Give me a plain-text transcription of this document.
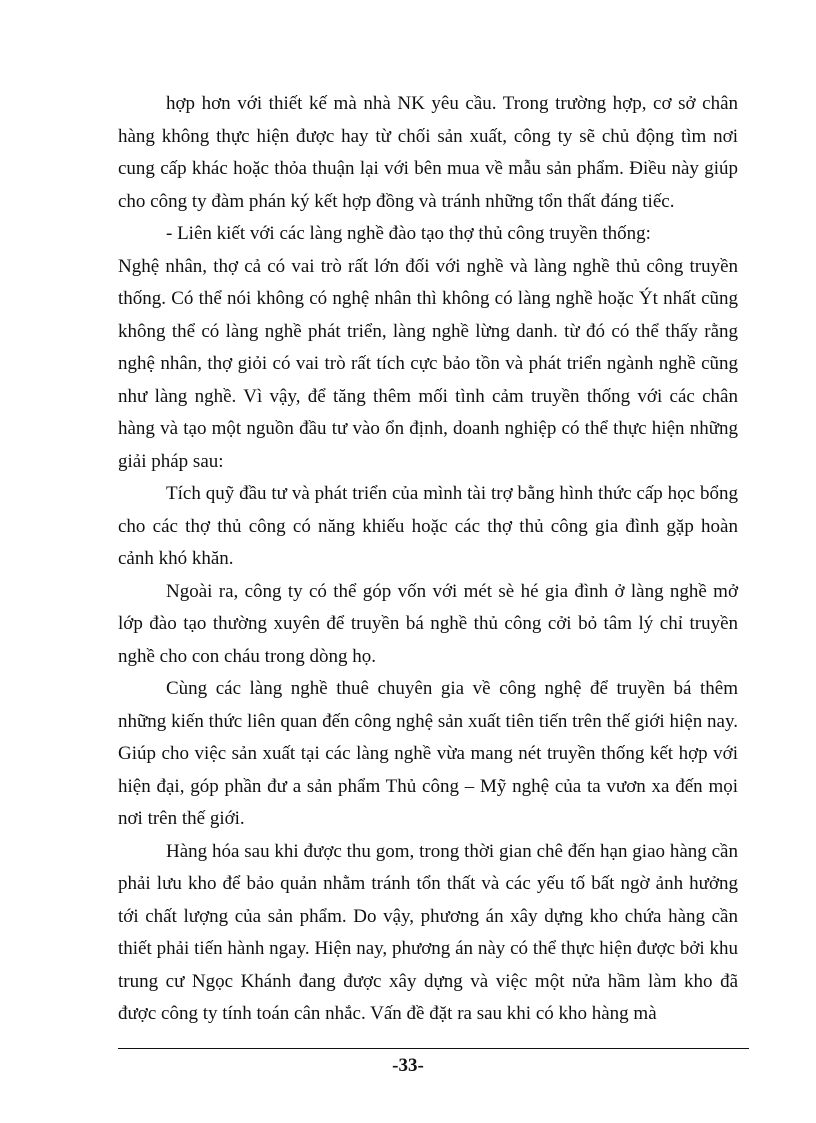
hợp hơn với thiết kế mà nhà NK yêu cầu. Trong trường hợp, cơ sở chân hàng không thực hiện được hay từ chối sản xuất, công ty sẽ chủ động tìm nơi cung cấp khác hoặc thỏa thuận lại với bên mua về mẫu sản phẩm. Điều này giúp cho công ty đàm phán ký kết hợp đồng và tránh những tổn thất đáng tiếc.

- Liên kiết với các làng nghề đào tạo thợ thủ công truyền thống:

Nghệ nhân, thợ cả có vai trò rất lớn đối với nghề và làng nghề thủ công truyền thống. Có thể nói không có nghệ nhân thì không có làng nghề hoặc Ýt nhất cũng không thể có làng nghề phát triển, làng nghề lừng danh. từ đó có thể thấy rằng nghệ nhân, thợ giỏi có vai trò rất tích cực bảo tồn và phát triển ngành nghề cũng như làng nghề. Vì vậy, để tăng thêm mối tình cảm truyền thống với các chân hàng và tạo một nguồn đầu tư vào ổn định, doanh nghiệp có thể thực hiện những giải pháp sau:

Tích quỹ đầu tư và phát triển của mình tài trợ bằng hình thức cấp học bổng cho các thợ thủ công có năng khiếu hoặc các thợ thủ công gia đình gặp hoàn cảnh khó khăn.

Ngoài ra, công ty có thể góp vốn với mét sè hé gia đình ở làng nghề mở lớp đào tạo thường xuyên để truyền bá nghề thủ công cởi bỏ tâm lý chỉ truyền nghề cho con cháu trong dòng họ.

Cùng các làng nghề thuê chuyên gia về công nghệ để truyền bá thêm những kiến thức liên quan đến công nghệ sản xuất tiên tiến trên thế giới hiện nay. Giúp cho việc sản xuất tại các làng nghề vừa mang nét truyền thống kết hợp với hiện đại, góp phần đư a sản phẩm Thủ công – Mỹ nghệ của ta vươn xa đến mọi nơi trên thế giới.

Hàng hóa sau khi được thu gom, trong thời gian chê đến hạn giao hàng cần phải lưu kho để bảo quản nhằm tránh tổn thất và các yếu tố bất ngờ ảnh hưởng tới chất lượng của sản phẩm. Do vậy, phương án xây dựng kho chứa hàng cần thiết phải tiến hành ngay. Hiện nay, phương án này có thể thực hiện được bởi khu trung cư Ngọc Khánh đang được xây dựng và việc một nửa hầm làm kho đã được công ty tính toán cân nhắc. Vấn đề đặt ra sau khi có kho hàng mà

-33-
